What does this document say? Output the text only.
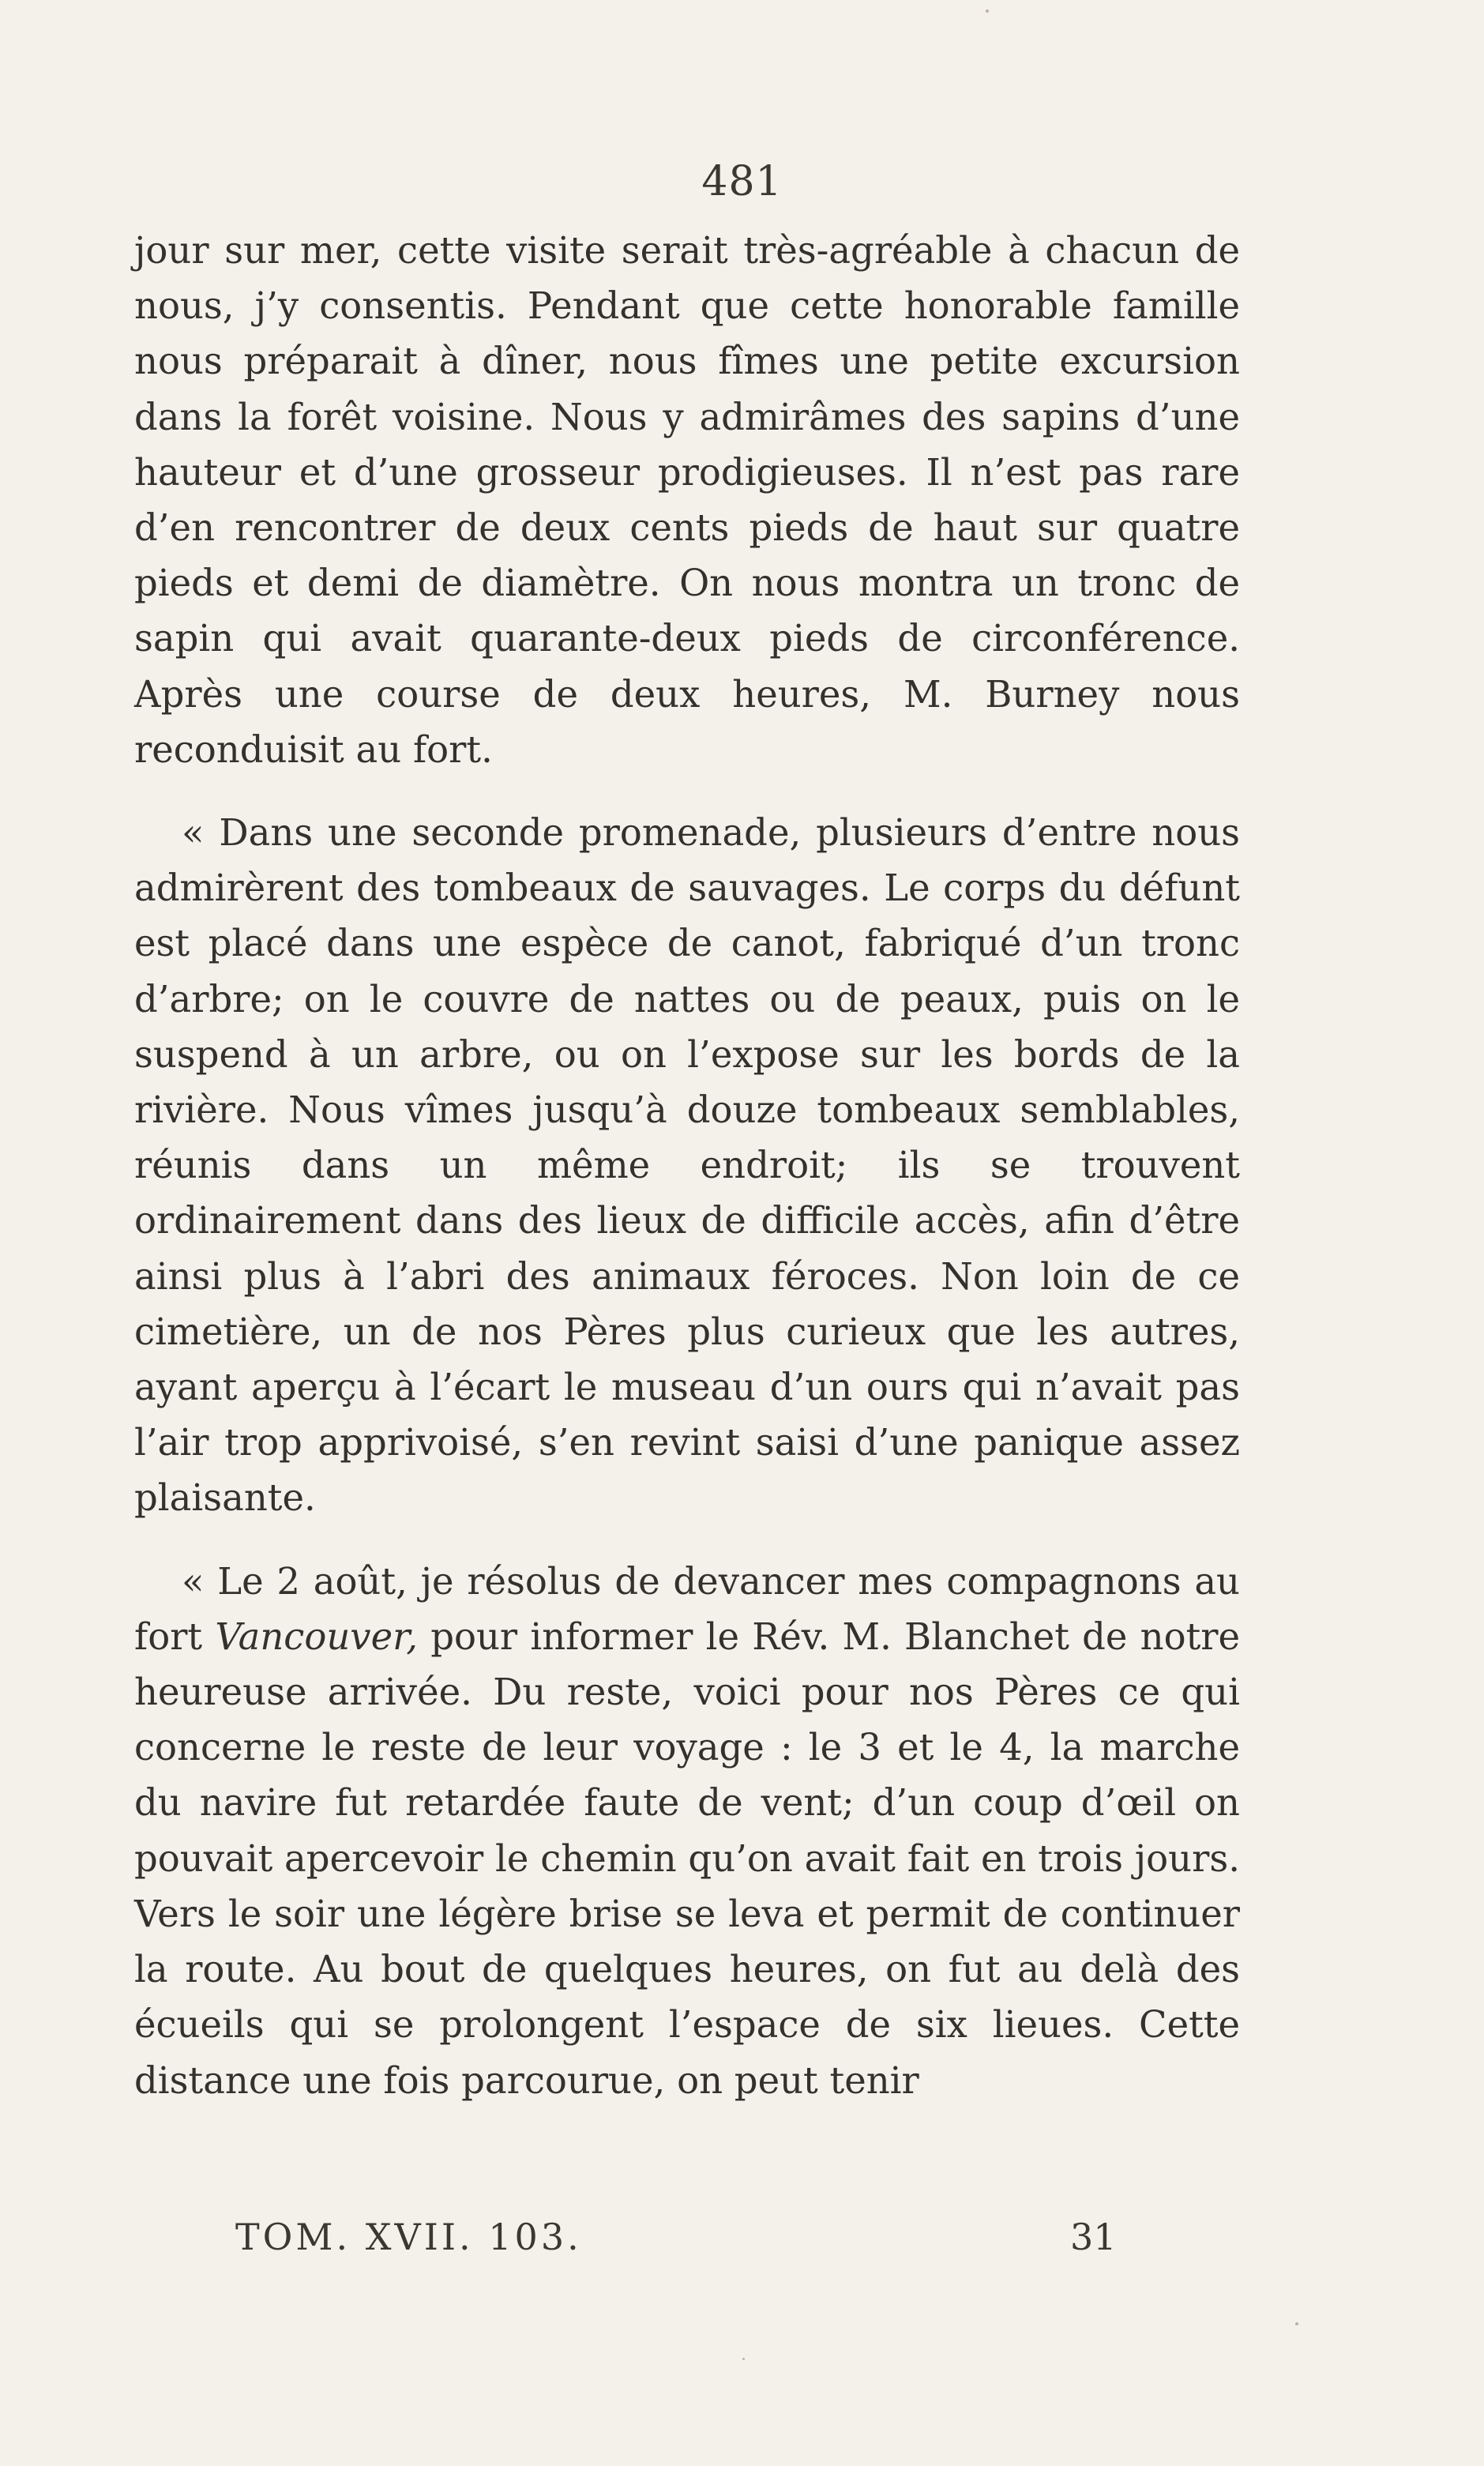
481

jour sur mer, cette visite serait très-agréable à chacun de nous, j’y consentis. Pendant que cette honorable famille nous préparait à dîner, nous fîmes une petite excursion dans la forêt voisine. Nous y admirâmes des sapins d’une hauteur et d’une grosseur prodigieuses. Il n’est pas rare d’en rencontrer de deux cents pieds de haut sur quatre pieds et demi de diamètre. On nous montra un tronc de sapin qui avait quarante-deux pieds de circonférence. Après une course de deux heures, M. Burney nous reconduisit au fort.

« Dans une seconde promenade, plusieurs d’entre nous admirèrent des tombeaux de sauvages. Le corps du défunt est placé dans une espèce de canot, fabriqué d’un tronc d’arbre; on le couvre de nattes ou de peaux, puis on le suspend à un arbre, ou on l’expose sur les bords de la rivière. Nous vîmes jusqu’à douze tombeaux semblables, réunis dans un même endroit; ils se trouvent ordinairement dans des lieux de difficile accès, afin d’être ainsi plus à l’abri des animaux féroces. Non loin de ce cimetière, un de nos Pères plus curieux que les autres, ayant aperçu à l’écart le museau d’un ours qui n’avait pas l’air trop apprivoisé, s’en revint saisi d’une panique assez plaisante.

« Le 2 août, je résolus de devancer mes compagnons au fort Vancouver, pour informer le Rév. M. Blanchet de notre heureuse arrivée. Du reste, voici pour nos Pères ce qui concerne le reste de leur voyage : le 3 et le 4, la marche du navire fut retardée faute de vent; d’un coup d’œil on pouvait apercevoir le chemin qu’on avait fait en trois jours. Vers le soir une légère brise se leva et permit de continuer la route. Au bout de quelques heures, on fut au delà des écueils qui se prolongent l’espace de six lieues. Cette distance une fois parcourue, on peut tenir

TOM. XVII. 103.	31
